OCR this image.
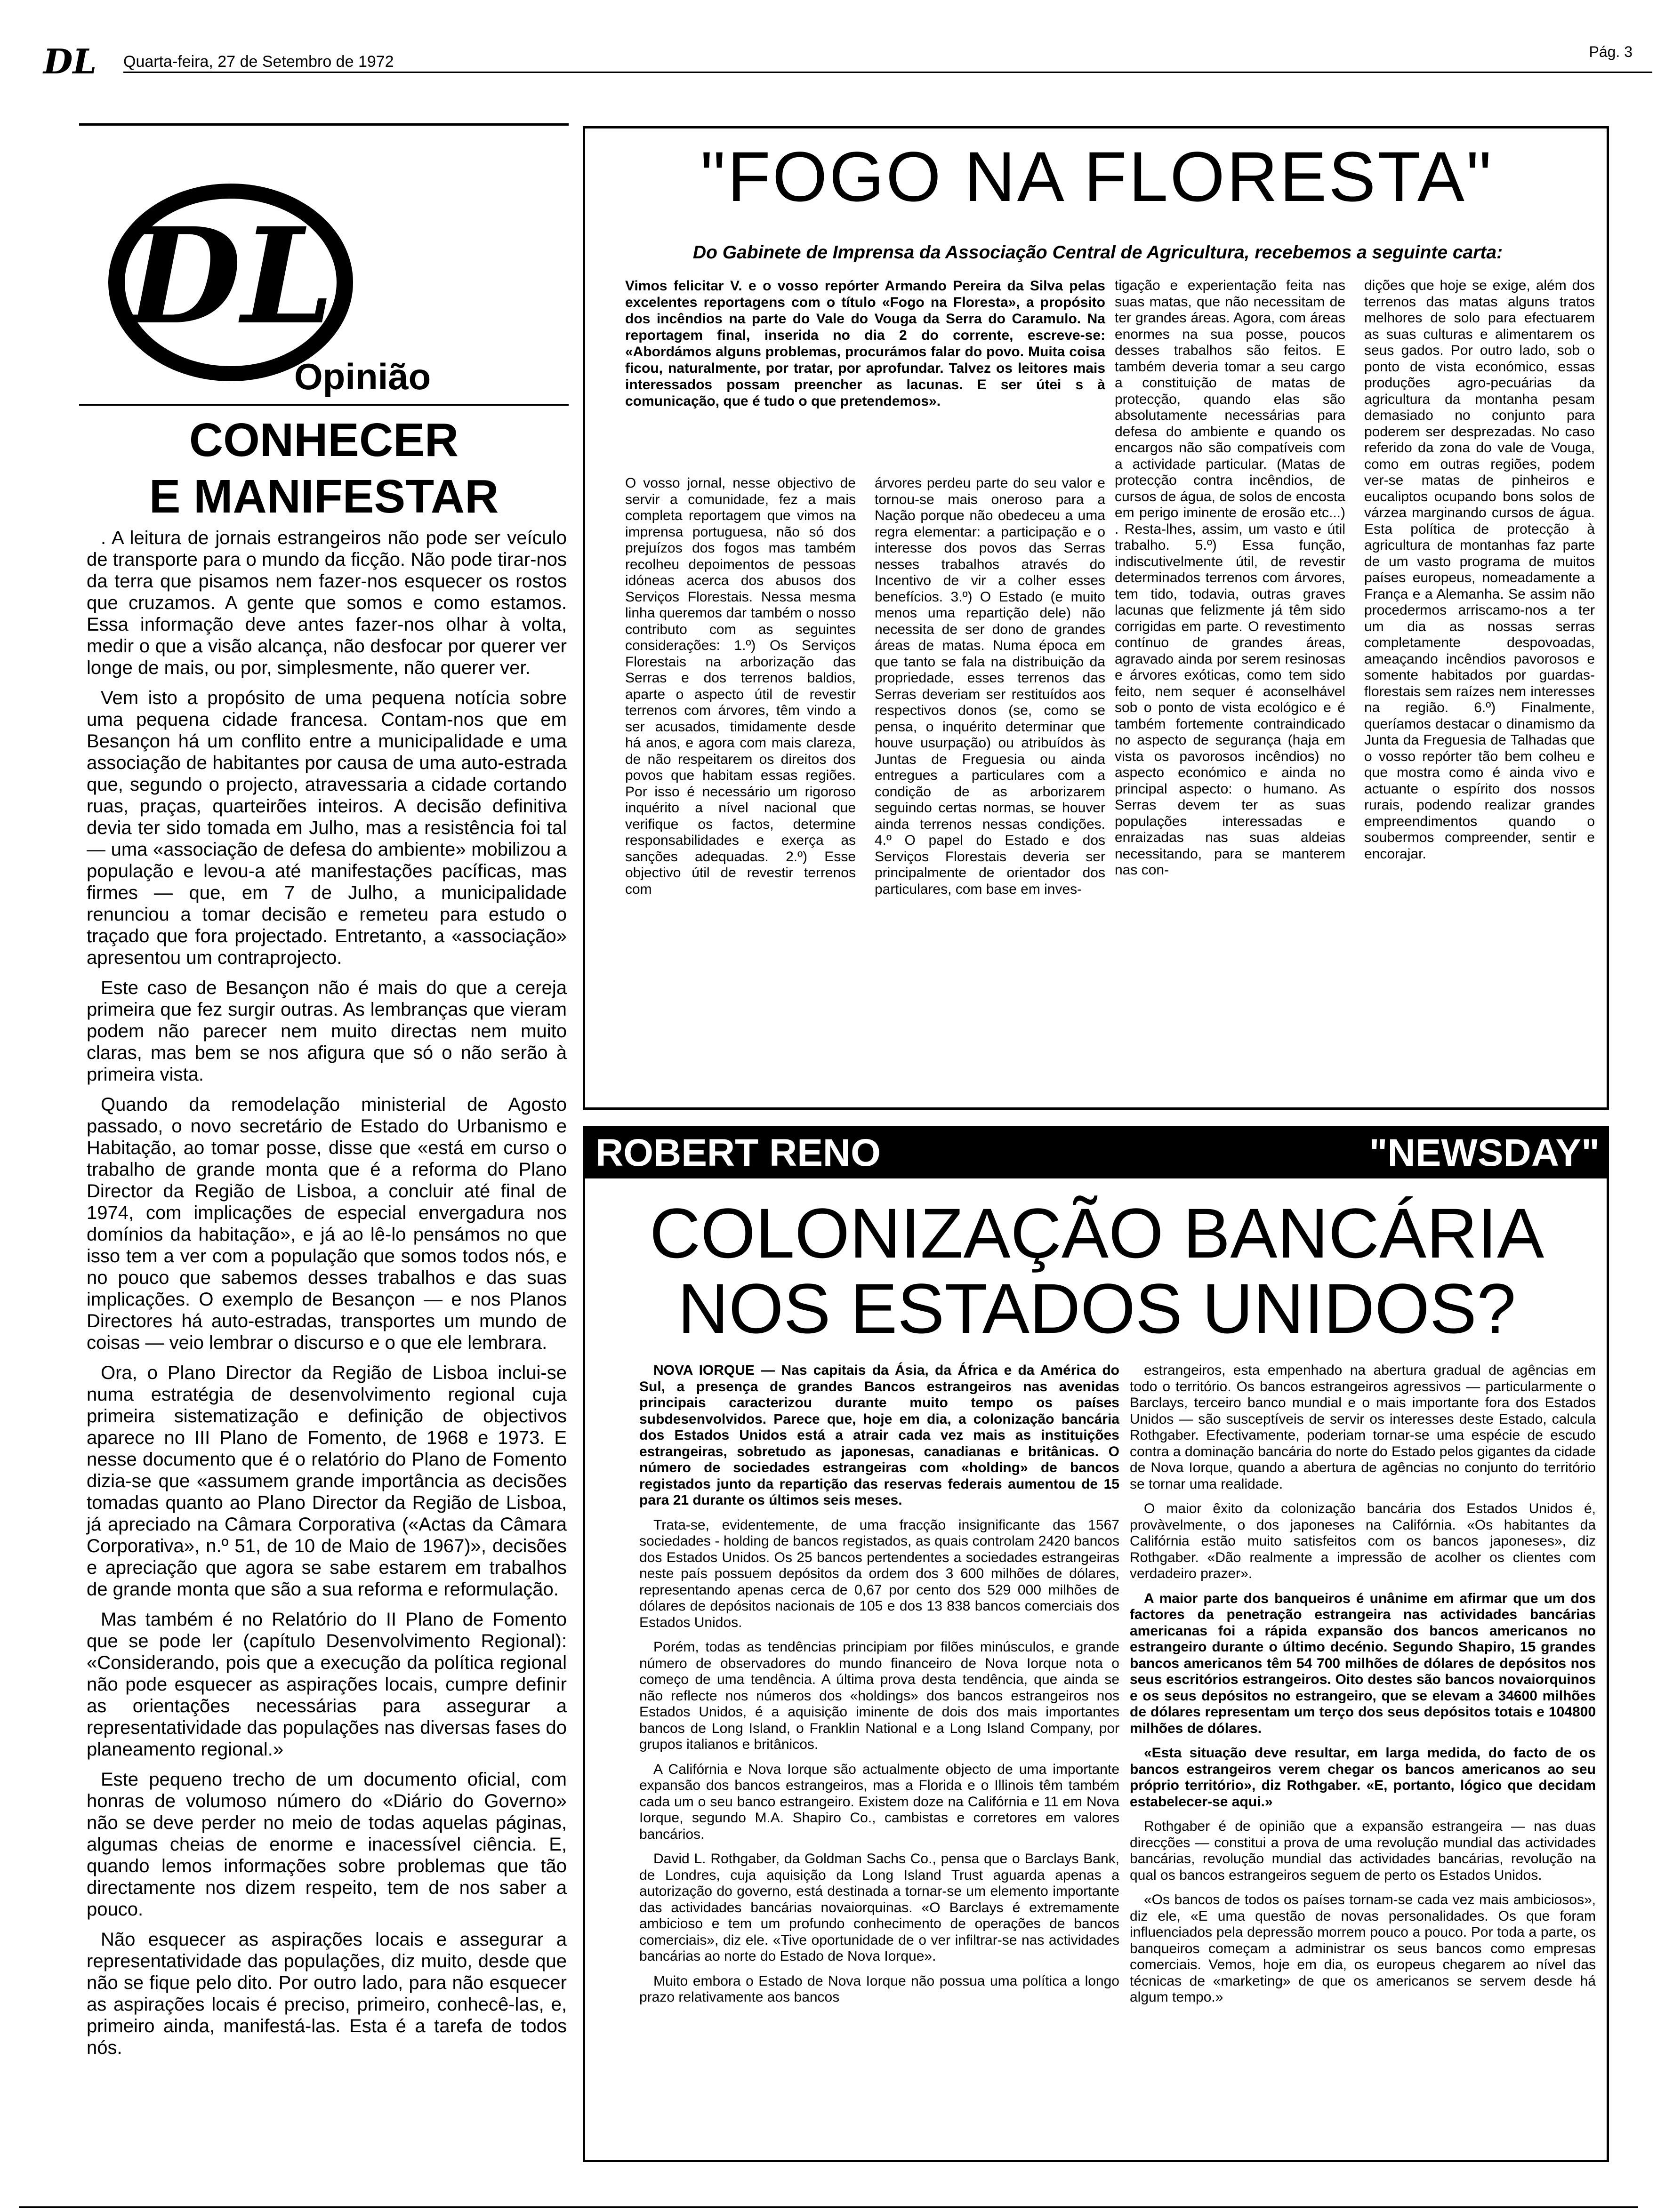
DL Quarta-feira, 27 de Setembro de 1972
Pág. 3
DL
Opinião
CONHECER
E MANIFESTAR

. A leitura de jornais estrangeiros não pode ser veículo de transporte para o mundo da ficção. Não pode tirar-nos da terra que pisamos nem fazer-nos esquecer os rostos que cruzamos. A gente que somos e como estamos. Essa informação deve antes fazer-nos olhar à volta, medir o que a visão alcança, não desfocar por querer ver longe de mais, ou por, simplesmente, não querer ver.

Vem isto a propósito de uma pequena notícia sobre uma pequena cidade francesa. Contam-nos que em Besançon há um conflito entre a municipalidade e uma associação de habitantes por causa de uma auto-estrada que, segundo o projecto, atravessaria a cidade cortando ruas, praças, quarteirões inteiros. A decisão definitiva devia ter sido tomada em Julho, mas a resistência foi tal — uma «associação de defesa do ambiente» mobilizou a população e levou-a até manifestações pacíficas, mas firmes — que, em 7 de Julho, a municipalidade renunciou a tomar decisão e remeteu para estudo o traçado que fora projectado. Entretanto, a «associação» apresentou um contraprojecto.

Este caso de Besançon não é mais do que a cereja primeira que fez surgir outras. As lembranças que vieram podem não parecer nem muito directas nem muito claras, mas bem se nos afigura que só o não serão à primeira vista.

Quando da remodelação ministerial de Agosto passado, o novo secretário de Estado do Urbanismo e Habitação, ao tomar posse, disse que «está em curso o trabalho de grande monta que é a reforma do Plano Director da Região de Lisboa, a concluir até final de 1974, com implicações de especial envergadura nos domínios da habitação», e já ao lê-lo pensámos no que isso tem a ver com a população que somos todos nós, e no pouco que sabemos desses trabalhos e das suas implicações. O exemplo de Besançon — e nos Planos Directores há auto-estradas, transportes um mundo de coisas — veio lembrar o discurso e o que ele lembrara.

Ora, o Plano Director da Região de Lisboa inclui-se numa estratégia de desenvolvimento regional cuja primeira sistematização e definição de objectivos aparece no III Plano de Fomento, de 1968 e 1973. E nesse documento que é o relatório do Plano de Fomento dizia-se que «assumem grande importância as decisões tomadas quanto ao Plano Director da Região de Lisboa, já apreciado na Câmara Corporativa («Actas da Câmara Corporativa», n.º 51, de 10 de Maio de 1967)», decisões e apreciação que agora se sabe estarem em trabalhos de grande monta que são a sua reforma e reformulação.

Mas também é no Relatório do II Plano de Fomento que se pode ler (capítulo Desenvolvimento Regional): «Considerando, pois que a execução da política regional não pode esquecer as aspirações locais, cumpre definir as orientações necessárias para assegurar a representatividade das populações nas diversas fases do planeamento regional.»

Este pequeno trecho de um documento oficial, com honras de volumoso número do «Diário do Governo» não se deve perder no meio de todas aquelas páginas, algumas cheias de enorme e inacessível ciência. E, quando lemos informações sobre problemas que tão directamente nos dizem respeito, tem de nos saber a pouco.

Não esquecer as aspirações locais e assegurar a representatividade das populações, diz muito, desde que não se fique pelo dito. Por outro lado, para não esquecer as aspirações locais é preciso, primeiro, conhecê-las, e, primeiro ainda, manifestá-las. Esta é a tarefa de todos nós.

"FOGO NA FLORESTA"
Do Gabinete de Imprensa da Associação Central de Agricultura, recebemos a seguinte carta:
Vimos felicitar V. e o vosso repórter Armando Pereira da Silva pelas excelentes reportagens com o título «Fogo na Floresta», a propósito dos incêndios na parte do Vale do Vouga da Serra do Caramulo. Na reportagem final, inserida no dia 2 do corrente, escreve-se: «Abordámos alguns problemas, procurámos falar do povo. Muita coisa ficou, naturalmente, por tratar, por aprofundar. Talvez os leitores mais interessados possam preencher as lacunas. E ser útei s à comunicação, que é tudo o que pretendemos».
O vosso jornal, nesse objectivo de servir a comunidade, fez a mais completa reportagem que vimos na imprensa portuguesa, não só dos prejuízos dos fogos mas também recolheu depoimentos de pessoas idóneas acerca dos abusos dos Serviços Florestais. Nessa mesma linha queremos dar também o nosso contributo com as seguintes considerações: 1.º) Os Serviços Florestais na arborização das Serras e dos terrenos baldios, aparte o aspecto útil de revestir terrenos com árvores, têm vindo a ser acusados, timidamente desde há anos, e agora com mais clareza, de não respeitarem os direitos dos povos que habitam essas regiões. Por isso é necessário um rigoroso inquérito a nível nacional que verifique os factos, determine responsabilidades e exerça as sanções adequadas. 2.º) Esse objectivo útil de revestir terrenos com
árvores perdeu parte do seu valor e tornou-se mais oneroso para a Nação porque não obedeceu a uma regra elementar: a participação e o interesse dos povos das Serras nesses trabalhos através do Incentivo de vir a colher esses benefícios. 3.º) O Estado (e muito menos uma repartição dele) não necessita de ser dono de grandes áreas de matas. Numa época em que tanto se fala na distribuição da propriedade, esses terrenos das Serras deveriam ser restituídos aos respectivos donos (se, como se pensa, o inquérito determinar que houve usurpação) ou atribuídos às Juntas de Freguesia ou ainda entregues a particulares com a condição de as arborizarem seguindo certas normas, se houver ainda terrenos nessas condições. 4.º O papel do Estado e dos Serviços Florestais deveria ser principalmente de orientador dos particulares, com base em inves-
tigação e experientação feita nas suas matas, que não necessitam de ter grandes áreas. Agora, com áreas enormes na sua posse, poucos desses trabalhos são feitos. E também deveria tomar a seu cargo a constituição de matas de protecção, quando elas são absolutamente necessárias para defesa do ambiente e quando os encargos não são compatíveis com a actividade particular. (Matas de protecção contra incêndios, de cursos de água, de solos de encosta em perigo iminente de erosão etc...) . Resta-lhes, assim, um vasto e útil trabalho. 5.º) Essa função, indiscutivelmente útil, de revestir determinados terrenos com árvores, tem tido, todavia, outras graves lacunas que felizmente já têm sido corrigidas em parte. O revestimento contínuo de grandes áreas, agravado ainda por serem resinosas e árvores exóticas, como tem sido feito, nem sequer é aconselhável sob o ponto de vista ecológico e é também fortemente contraindicado no aspecto de segurança (haja em vista os pavorosos incêndios) no aspecto económico e ainda no principal aspecto: o humano. As Serras devem ter as suas populações interessadas e enraizadas nas suas aldeias necessitando, para se manterem nas con-
dições que hoje se exige, além dos terrenos das matas alguns tratos melhores de solo para efectuarem as suas culturas e alimentarem os seus gados. Por outro lado, sob o ponto de vista económico, essas produções agro-pecuárias da agricultura da montanha pesam demasiado no conjunto para poderem ser desprezadas. No caso referido da zona do vale de Vouga, como em outras regiões, podem ver-se matas de pinheiros e eucaliptos ocupando bons solos de várzea marginando cursos de água. Esta política de protecção à agricultura de montanhas faz parte de um vasto programa de muitos países europeus, nomeadamente a França e a Alemanha. Se assim não procedermos arriscamo-nos a ter um dia as nossas serras completamente despovoadas, ameaçando incêndios pavorosos e somente habitados por guardas-florestais sem raízes nem interesses na região. 6.º) Finalmente, queríamos destacar o dinamismo da Junta da Freguesia de Talhadas que o vosso repórter tão bem colheu e que mostra como é ainda vivo e actuante o espírito dos nossos rurais, podendo realizar grandes empreendimentos quando o soubermos compreender, sentir e encorajar.
ROBERT RENO	"NEWSDAY"
COLONIZAÇÃO BANCÁRIA
NOS ESTADOS UNIDOS?

NOVA IORQUE — Nas capitais da Ásia, da África e da América do Sul, a presença de grandes Bancos estrangeiros nas avenidas principais caracterizou durante muito tempo os países subdesenvolvidos. Parece que, hoje em dia, a colonização bancária dos Estados Unidos está a atrair cada vez mais as instituições estrangeiras, sobretudo as japonesas, canadianas e britânicas. O número de sociedades estrangeiras com «holding» de bancos registados junto da repartição das reservas federais aumentou de 15 para 21 durante os últimos seis meses.

Trata-se, evidentemente, de uma fracção insignificante das 1567 sociedades - holding de bancos registados, as quais controlam 2420 bancos dos Estados Unidos. Os 25 bancos pertendentes a sociedades estrangeiras neste país possuem depósitos da ordem dos 3 600 milhões de dólares, representando apenas cerca de 0,67 por cento dos 529 000 milhões de dólares de depósitos nacionais de 105 e dos 13 838 bancos comerciais dos Estados Unidos.

Porém, todas as tendências principiam por filões minúsculos, e grande número de observadores do mundo financeiro de Nova Iorque nota o começo de uma tendência. A última prova desta tendência, que ainda se não reflecte nos números dos «holdings» dos bancos estrangeiros nos Estados Unidos, é a aquisição iminente de dois dos mais importantes bancos de Long Island, o Franklin National e a Long Island Company, por grupos italianos e britânicos.

A Califórnia e Nova Iorque são actualmente objecto de uma importante expansão dos bancos estrangeiros, mas a Florida e o Illinois têm também cada um o seu banco estrangeiro. Existem doze na Califórnia e 11 em Nova Iorque, segundo M.A. Shapiro Co., cambistas e corretores em valores bancários.

David L. Rothgaber, da Goldman Sachs Co., pensa que o Barclays Bank, de Londres, cuja aquisição da Long Island Trust aguarda apenas a autorização do governo, está destinada a tornar-se um elemento importante das actividades bancárias novaiorquinas. «O Barclays é extremamente ambicioso e tem um profundo conhecimento de operações de bancos comerciais», diz ele. «Tive oportunidade de o ver infiltrar-se nas actividades bancárias ao norte do Estado de Nova Iorque».

Muito embora o Estado de Nova Iorque não possua uma política a longo prazo relativamente aos bancos

estrangeiros, esta empenhado na abertura gradual de agências em todo o território. Os bancos estrangeiros agressivos — particularmente o Barclays, terceiro banco mundial e o mais importante fora dos Estados Unidos — são susceptíveis de servir os interesses deste Estado, calcula Rothgaber. Efectivamente, poderiam tornar-se uma espécie de escudo contra a dominação bancária do norte do Estado pelos gigantes da cidade de Nova Iorque, quando a abertura de agências no conjunto do território se tornar uma realidade.

O maior êxito da colonização bancária dos Estados Unidos é, provàvelmente, o dos japoneses na Califórnia. «Os habitantes da Califórnia estão muito satisfeitos com os bancos japoneses», diz Rothgaber. «Dão realmente a impressão de acolher os clientes com verdadeiro prazer».

A maior parte dos banqueiros é unânime em afirmar que um dos factores da penetração estrangeira nas actividades bancárias americanas foi a rápida expansão dos bancos americanos no estrangeiro durante o último decénio. Segundo Shapiro, 15 grandes bancos americanos têm 54 700 milhões de dólares de depósitos nos seus escritórios estrangeiros. Oito destes são bancos novaiorquinos e os seus depósitos no estrangeiro, que se elevam a 34600 milhões de dólares representam um terço dos seus depósitos totais e 104800 milhões de dólares.

«Esta situação deve resultar, em larga medida, do facto de os bancos estrangeiros verem chegar os bancos americanos ao seu próprio território», diz Rothgaber. «E, portanto, lógico que decidam estabelecer-se aqui.»

Rothgaber é de opinião que a expansão estrangeira — nas duas direcções — constitui a prova de uma revolução mundial das actividades bancárias, revolução mundial das actividades bancárias, revolução na qual os bancos estrangeiros seguem de perto os Estados Unidos.

«Os bancos de todos os países tornam-se cada vez mais ambiciosos», diz ele, «E uma questão de novas personalidades. Os que foram influenciados pela depressão morrem pouco a pouco. Por toda a parte, os banqueiros começam a administrar os seus bancos como empresas comerciais. Vemos, hoje em dia, os europeus chegarem ao nível das técnicas de «marketing» de que os americanos se servem desde há algum tempo.»
